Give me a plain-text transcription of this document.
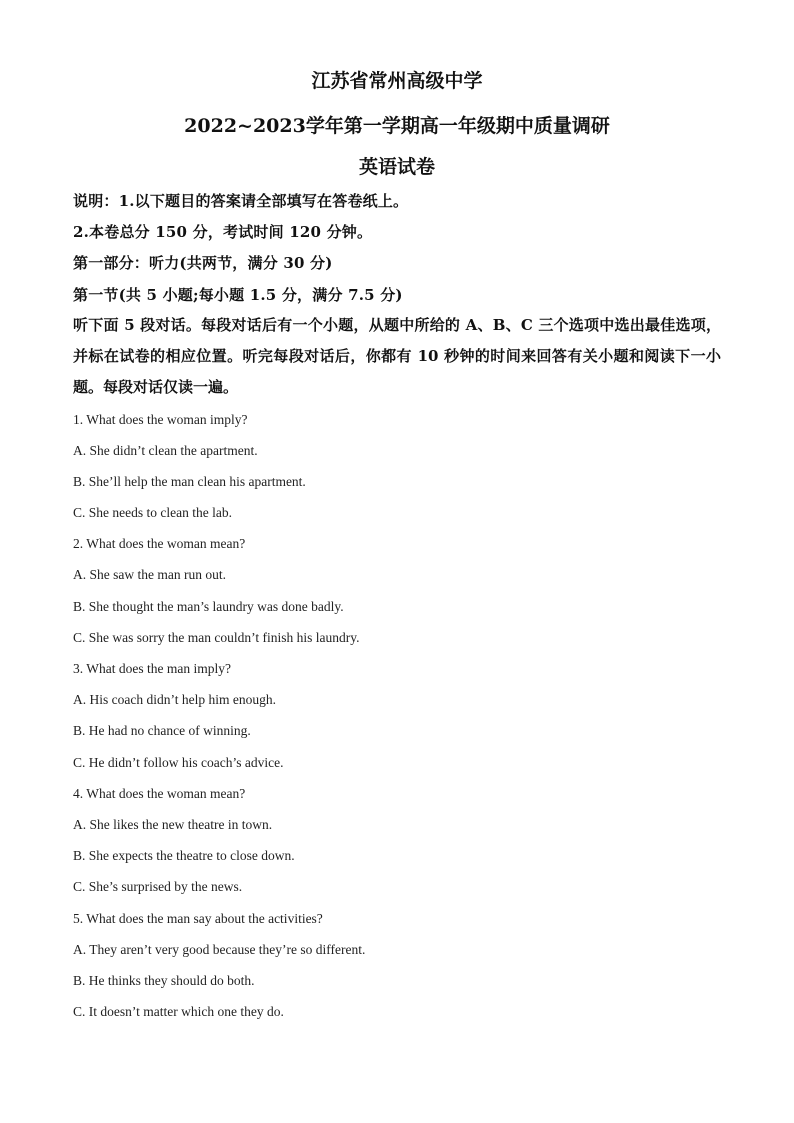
江苏省常州高级中学
2022~2023学年第一学期高一年级期中质量调研
英语试卷
说明：1.以下题目的答案请全部填写在答卷纸上。
2.本卷总分 150 分，考试时间 120 分钟。
第一部分：听力(共两节，满分 30 分)
第一节(共 5 小题;每小题 1.5 分，满分 7.5 分)
听下面 5 段对话。每段对话后有一个小题，从题中所给的 A、B、C 三个选项中选出最佳选项，并标在试卷的相应位置。听完每段对话后，你都有 10 秒钟的时间来回答有关小题和阅读下一小题。每段对话仅读一遍。
1. What does the woman imply?
A. She didn’t clean the apartment.
B. She’ll help the man clean his apartment.
C. She needs to clean the lab.
2. What does the woman mean?
A. She saw the man run out.
B. She thought the man’s laundry was done badly.
C. She was sorry the man couldn’t finish his laundry.
3. What does the man imply?
A. His coach didn’t help him enough.
B. He had no chance of winning.
C. He didn’t follow his coach’s advice.
4. What does the woman mean?
A. She likes the new theatre in town.
B. She expects the theatre to close down.
C. She’s surprised by the news.
5. What does the man say about the activities?
A. They aren’t very good because they’re so different.
B. He thinks they should do both.
C. It doesn’t matter which one they do.
